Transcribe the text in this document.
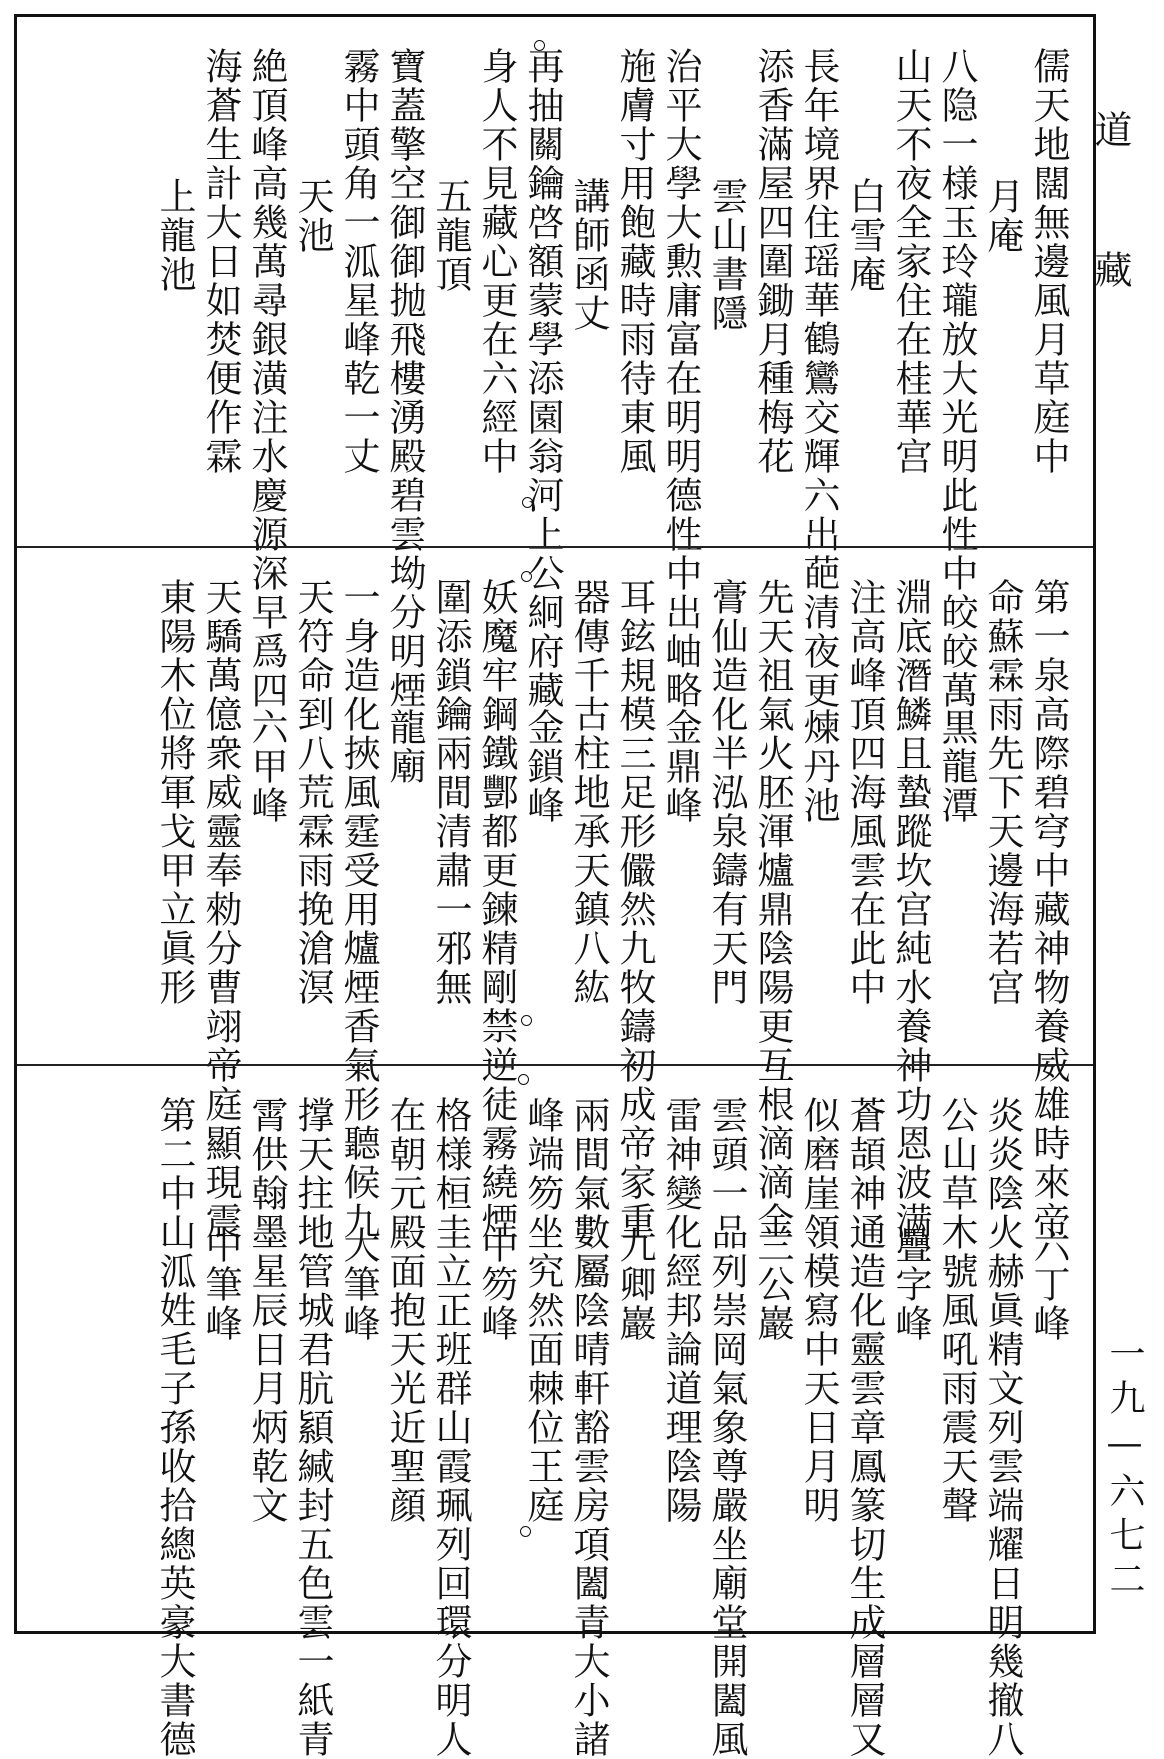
儒天地闊無邊風月草庭中
月庵
八隐一様玉玲瓏放大光明此性中皎皎萬
山天不夜全家住在桂華宫
白雪庵
長年境界住瑶華鶴鸞交輝六出葩清夜更
添香滿屋四圍鋤月種梅花
雲山書隱
治平大學大勲庸富在明明德性中出岫略
施膚寸用飽藏時雨待東風
講師函丈
再抽關鑰啓額蒙學添園翁河上公絅府藏
身人不見藏心更在六經中
五龍頂
寶蓋擎空御御抛飛樓湧殿碧雲坳分明煙
霧中頭角一泒星峰乾一丈
天池
絶頂峰高幾萬尋銀潢注水慶源深早爲四
海蒼生計大日如焚便作霖
上龍池
第一泉高際碧穹中藏神物養威雄時來帝
命蘇霖雨先下天邊海若宫
黒龍潭
淵底潛鱗且蟄蹤坎宫純水養神功恩波满
注高峰頂四海風雲在此中
煉丹池
先天祖氣火胚渾爐鼎陰陽更互根滴滴金
膏仙造化半泓泉鑄有天門
金鼎峰
耳鉉規模三足形儼然九牧鑄初成帝家重
器傳千古柱地承天鎮八紘
金鎖峰
妖魔牢鋼鐵酆都更鍊精剛禁逆徒霧繞煙
圍添鎖鑰兩間清肅一邪無
龍廟
一身造化挾風霆受用爐煙香氣形聽候九
天符命到八荒霖雨挽滄溟
六甲峰
天驕萬億衆威靈奉勑分曹翊帝庭顯現震
東陽木位將軍戈甲立眞形
六丁峰
炎炎陰火赫眞精文列雲端耀日明幾撤八
公山草木號風吼雨震天聲
疊字峰
蒼頡神通造化靈雲章鳳篆切生成層層又
似磨崖領模寫中天日月明
三公巖
雲頭一品列崇岡氣象尊嚴坐廟堂開闔風
雷神變化經邦論道理陰陽
九卿巖
兩間氣數屬陰晴軒豁雲房項闔青大小諸
峰端笏坐究然面棘位王庭
中笏峰
格様桓圭立正班群山霞珮列回環分明人
在朝元殿面抱天光近聖顔
大筆峰
撑天拄地管城君肮顈緘封五色雲一紙青
霄供翰墨星辰日月炳乾文
中筆峰
第二中山泒姓毛子孫收拾總英豪大書德
道
藏
一九—六七二
